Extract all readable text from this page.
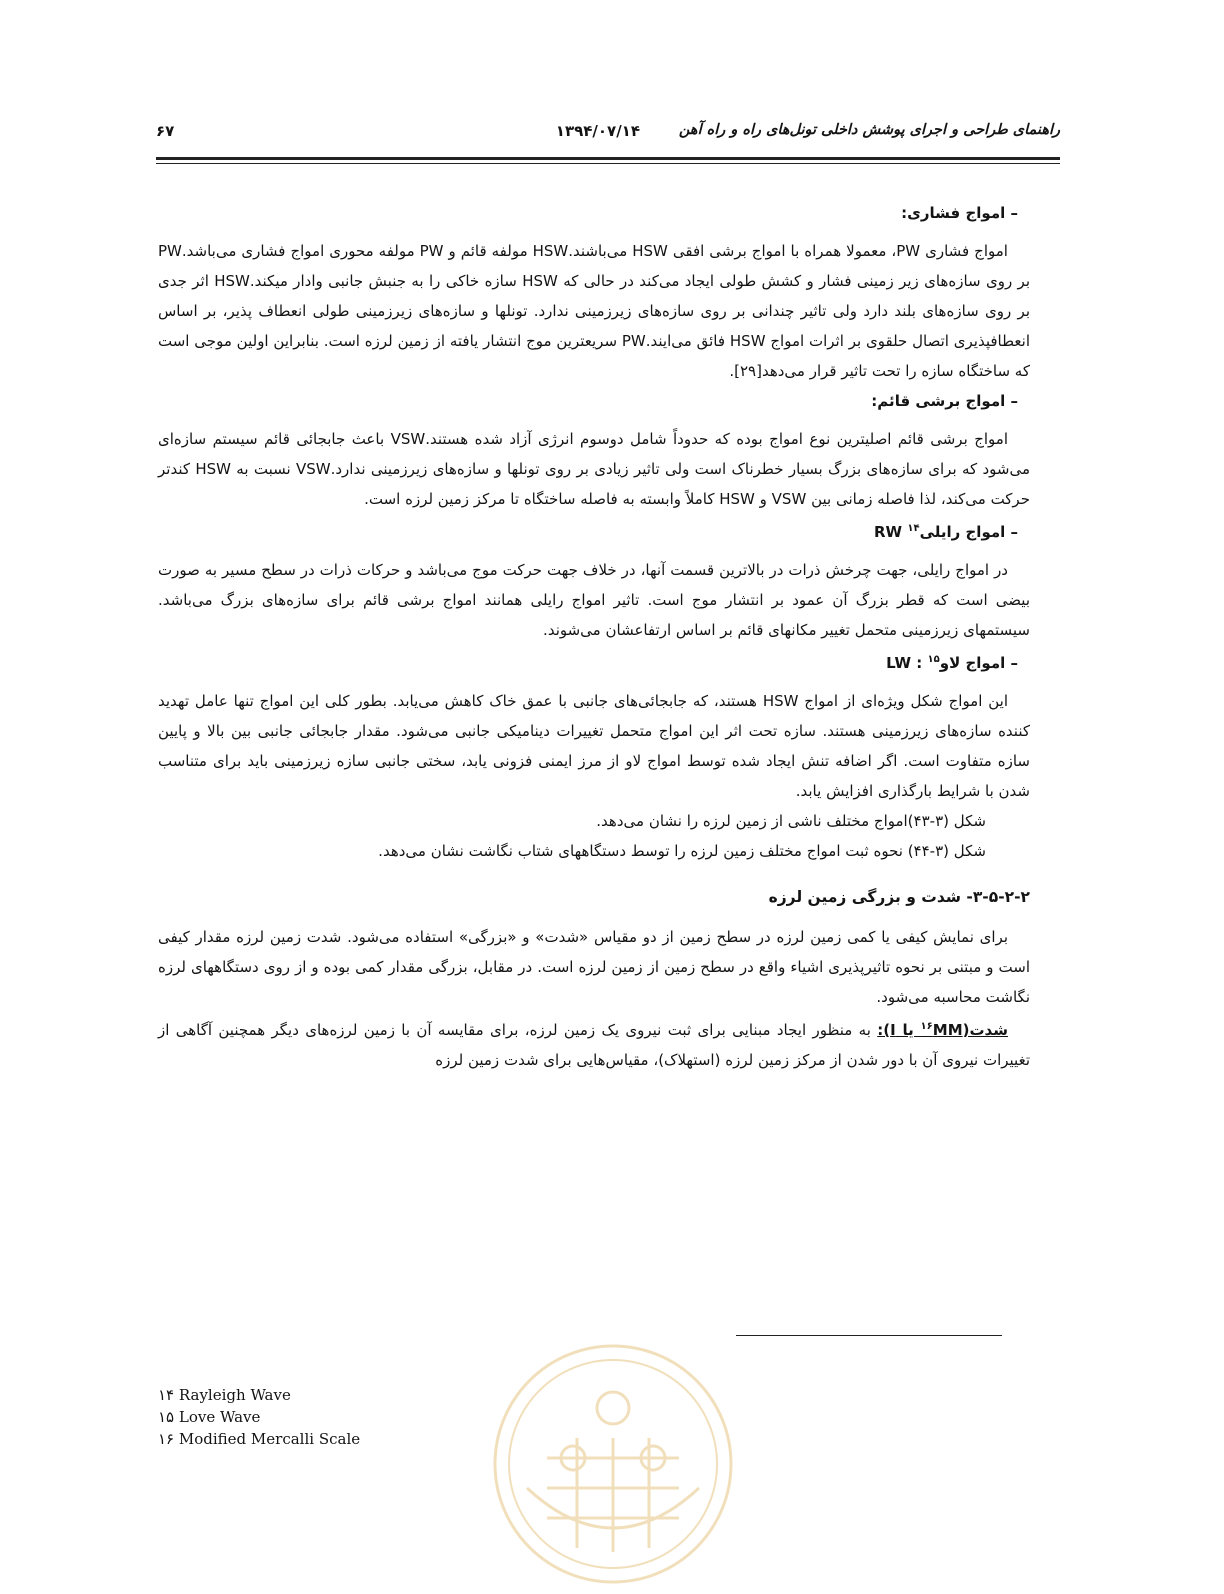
راهنمای طراحی و اجرای پوشش داخلی تونل‌های راه و راه آهن
۱۳۹۴/۰۷/۱۴
۶۷
– امواج فشاری:

امواج فشاری PW، معمولا همراه با امواج برشی افقی HSW می‌باشند.HSW مولفه قائم و PW مولفه محوری امواج فشاری می‌باشد.PW بر روی سازه‌های زیر زمینی فشار و کشش طولی ایجاد می‌کند در حالی که HSW سازه خاکی را به جنبش جانبی وادار میکند.HSW اثر جدی بر روی سازه‌های بلند دارد ولی تاثیر چندانی بر روی سازه‌های زیرزمینی ندارد. تونلها و سازه‌های زیرزمینی طولی انعطاف پذیر، بر اساس انعطافپذیری اتصال حلقوی بر اثرات امواج HSW فائق می‌ایند.PW سریعترین موج انتشار یافته از زمین لرزه است. بنابراین اولین موجی است که ساختگاه سازه را تحت تاثیر قرار می‌دهد[۲۹].

– امواج برشی قائم:

امواج برشی قائم اصلیترین نوع امواج بوده که حدوداً شامل دوسوم انرژی آزاد شده هستند.VSW باعث جابجائی قائم سیستم سازه‌ای می‌شود که برای سازه‌های بزرگ بسیار خطرناک است ولی تاثیر زیادی بر روی تونلها و سازه‌های زیرزمینی ندارد.VSW نسبت به HSW کندتر حرکت می‌کند، لذا فاصله زمانی بین VSW و HSW کاملاً وابسته به فاصله ساختگاه تا مرکز زمین لرزه است.

– امواج رایلی$^{۱۴}$ RW

در امواج رایلی، جهت چرخش ذرات در بالاترین قسمت آنها، در خلاف جهت حرکت موج می‌باشد و حرکات ذرات در سطح مسیر به صورت بیضی است که قطر بزرگ آن عمود بر انتشار موج است. تاثیر امواج رایلی همانند امواج برشی قائم برای سازه‌های بزرگ می‌باشد. سیستمهای زیرزمینی متحمل تغییر مکانهای قائم بر اساس ارتفاعشان می‌شوند.

– امواج لاو$^{۱۵}$ LW :

این امواج شکل ویژه‌ای از امواج HSW هستند، که جابجائی‌های جانبی با عمق خاک کاهش می‌یابد. بطور کلی این امواج تنها عامل تهدید کننده سازه‌های زیرزمینی هستند. سازه تحت اثر این امواج متحمل تغییرات دینامیکی جانبی می‌شود. مقدار جابجائی جانبی بین بالا و پایین سازه متفاوت است. اگر اضافه تنش ایجاد شده توسط امواج لاو از مرز ایمنی فزونی یابد، سختی جانبی سازه زیرزمینی باید برای متناسب شدن با شرایط بارگذاری افزایش یابد.

شکل (۳-۴۳)امواج مختلف ناشی از زمین لرزه را نشان می‌دهد.

شکل (۳-۴۴) نحوه ثبت امواج مختلف زمین لرزه را توسط دستگاههای شتاب نگاشت نشان می‌دهد.

۳-۵-۲-۲- شدت و بزرگی زمین لرزه

برای نمایش کیفی یا کمی زمین لرزه در سطح زمین از دو مقیاس «شدت» و «بزرگی» استفاده می‌شود. شدت زمین لرزه مقدار کیفی است و مبتنی بر نحوه تاثیرپذیری اشیاء واقع در سطح زمین از زمین لرزه است. در مقابل، بزرگی مقدار کمی بوده و از روی دستگاههای لرزه نگاشت محاسبه می‌شود.

شدت($^{۱۶}$MM یا I): به منظور ایجاد مبنایی برای ثبت نیروی یک زمین لرزه، برای مقایسه آن با زمین لرزه‌های دیگر همچنین آگاهی از تغییرات نیروی آن با دور شدن از مرکز زمین لرزه (استهلاک)، مقیاس‌هایی برای شدت زمین لرزه

۱۴ Rayleigh Wave
۱۵ Love Wave
۱۶ Modified Mercalli Scale
